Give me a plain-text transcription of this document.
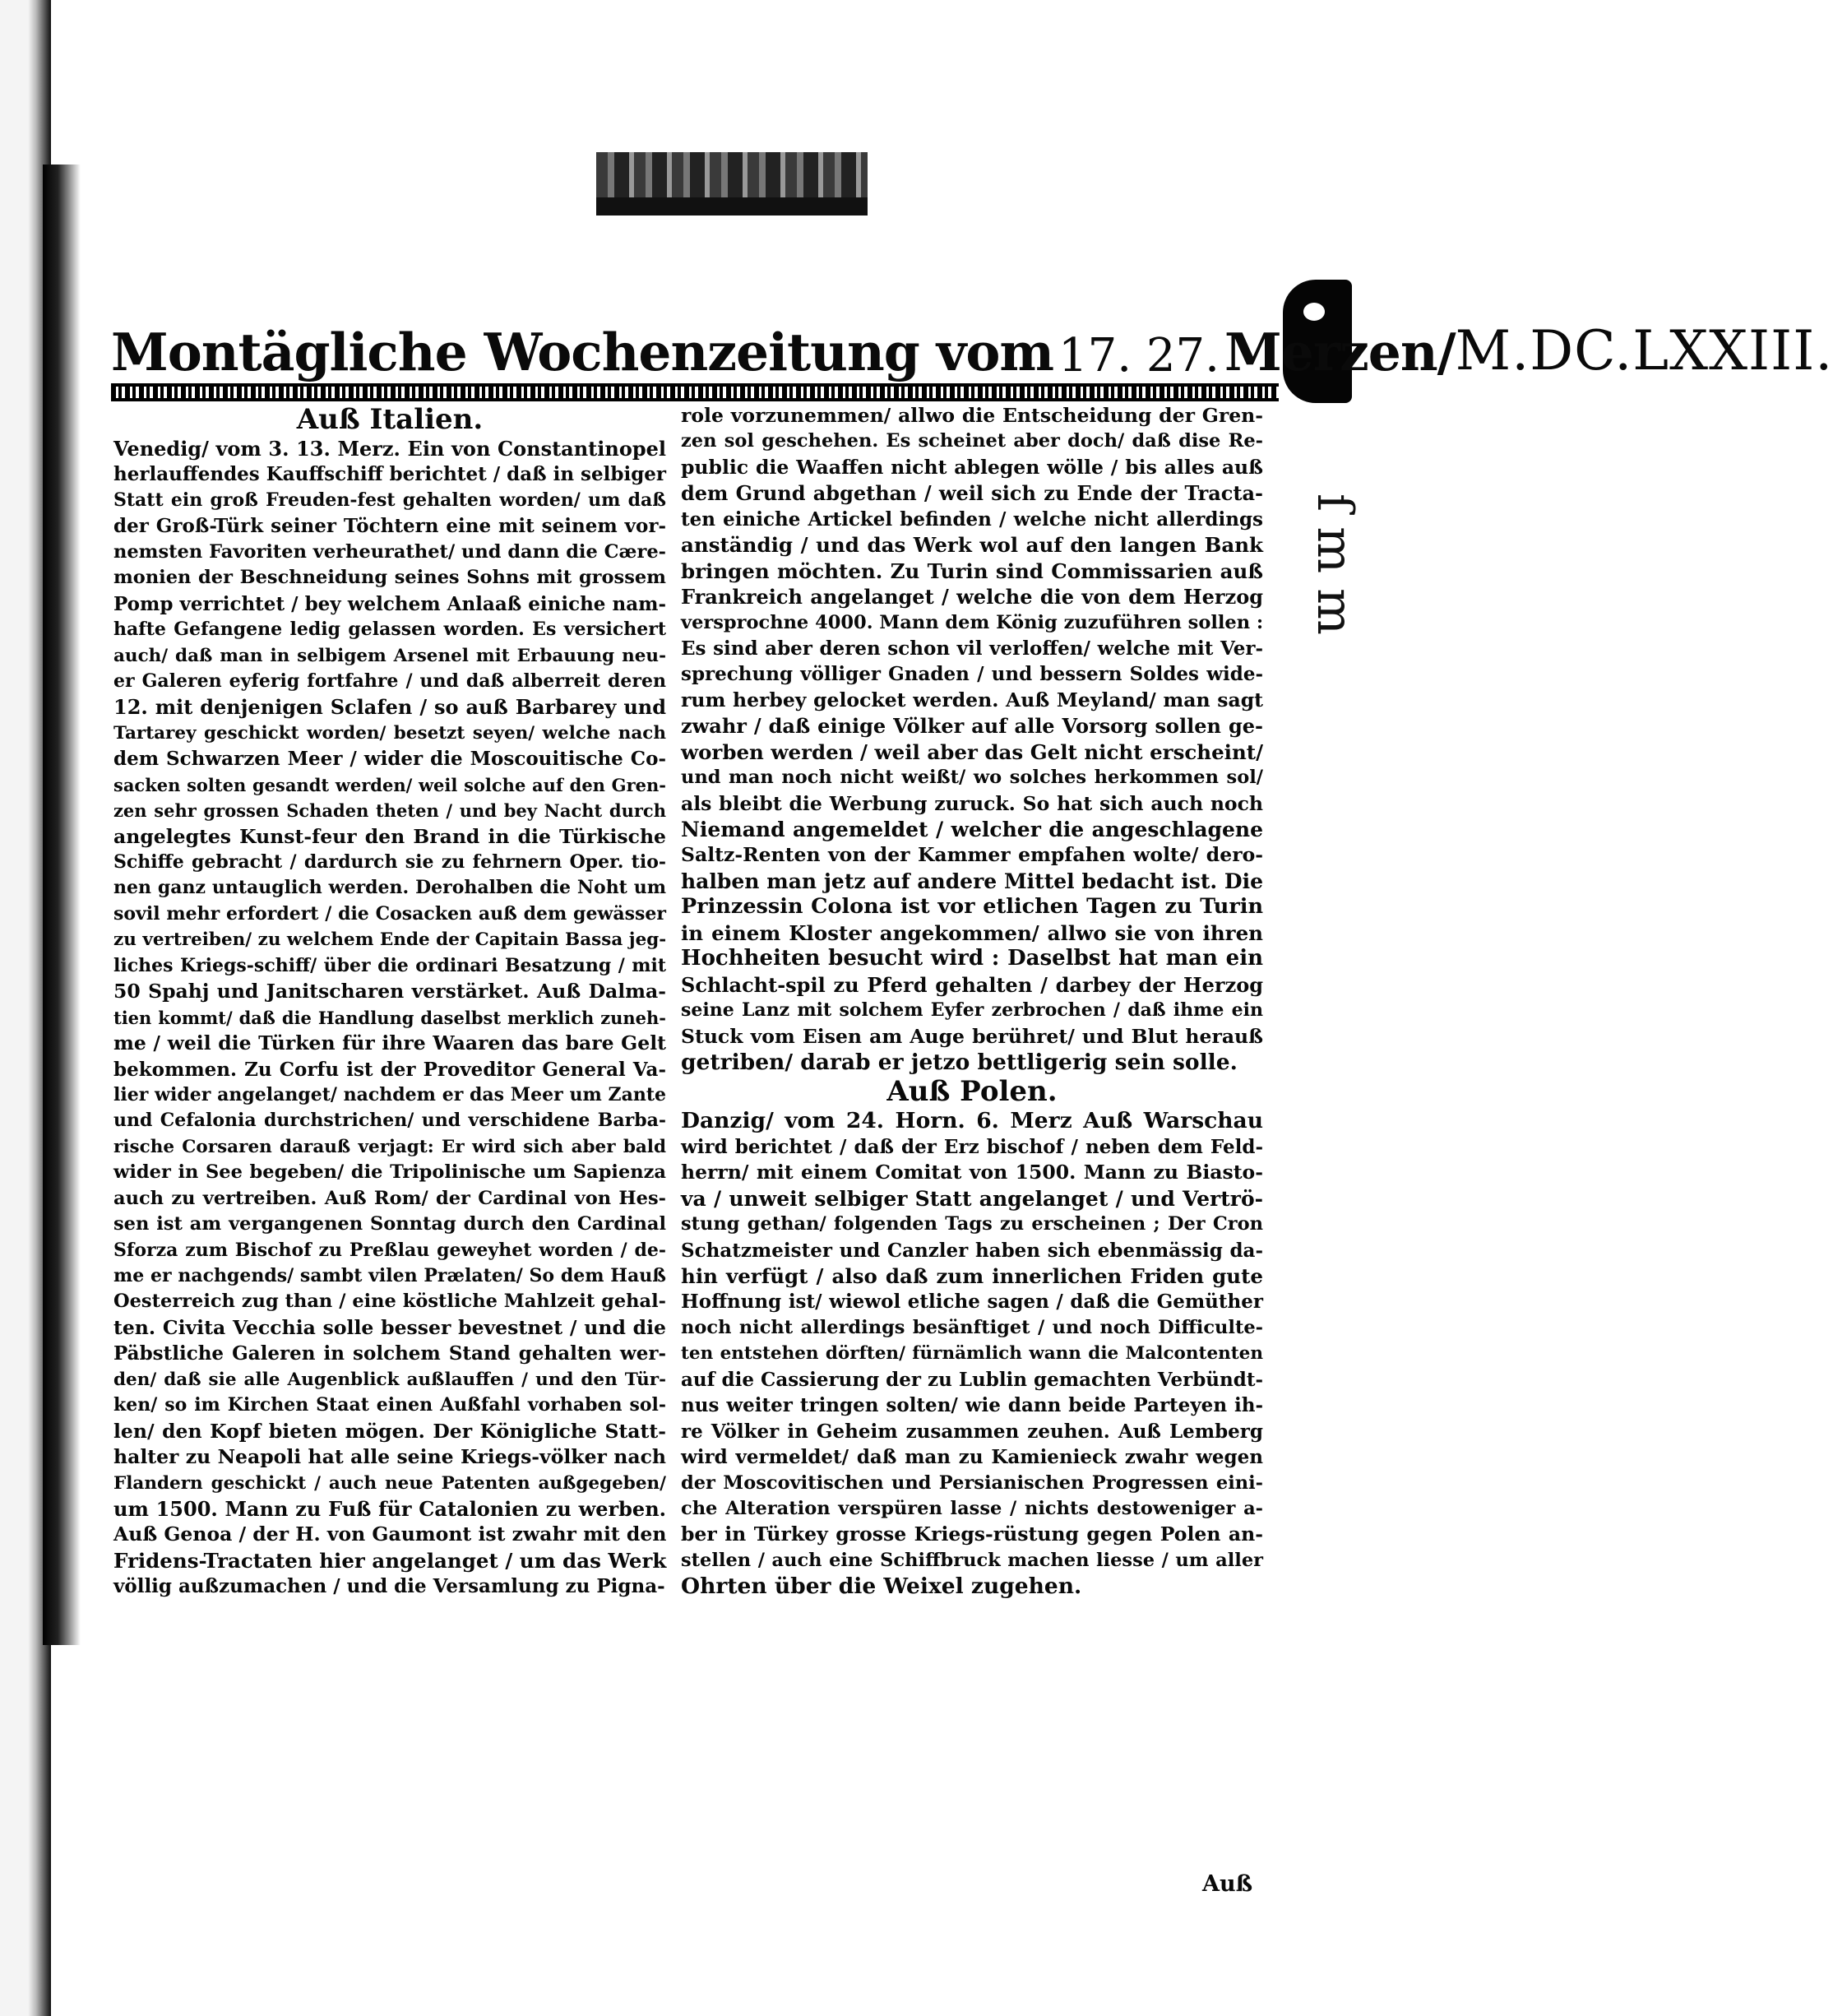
Montägliche Wochenzeitung vom 17. 27. Merzen/ M.DC.LXXIII.
Auß Italien.
Venedig/ vom 3. 13. Merz. Ein von Constantinopel
herlauffendes Kauffschiff berichtet / daß in selbiger
Statt ein groß Freuden-fest gehalten worden/ um daß
der Groß-Türk seiner Töchtern eine mit seinem vor-
nemsten Favoriten verheurathet/ und dann die Cære-
monien der Beschneidung seines Sohns mit grossem
Pomp verrichtet / bey welchem Anlaaß einiche nam-
hafte Gefangene ledig gelassen worden. Es versichert
auch/ daß man in selbigem Arsenel mit Erbauung neu-
er Galeren eyferig fortfahre / und daß alberreit deren
12. mit denjenigen Sclafen / so auß Barbarey und
Tartarey geschickt worden/ besetzt seyen/ welche nach
dem Schwarzen Meer / wider die Moscouitische Co-
sacken solten gesandt werden/ weil solche auf den Gren-
zen sehr grossen Schaden theten / und bey Nacht durch
angelegtes Kunst-feur den Brand in die Türkische
Schiffe gebracht / dardurch sie zu fehrnern Oper. tio-
nen ganz untauglich werden. Derohalben die Noht um
sovil mehr erfordert / die Cosacken auß dem gewässer
zu vertreiben/ zu welchem Ende der Capitain Bassa jeg-
liches Kriegs-schiff/ über die ordinari Besatzung / mit
50 Spahj und Janitscharen verstärket. Auß Dalma-
tien kommt/ daß die Handlung daselbst merklich zuneh-
me / weil die Türken für ihre Waaren das bare Gelt
bekommen. Zu Corfu ist der Proveditor General Va-
lier wider angelanget/ nachdem er das Meer um Zante
und Cefalonia durchstrichen/ und verschidene Barba-
rische Corsaren darauß verjagt: Er wird sich aber bald
wider in See begeben/ die Tripolinische um Sapienza
auch zu vertreiben. Auß Rom/ der Cardinal von Hes-
sen ist am vergangenen Sonntag durch den Cardinal
Sforza zum Bischof zu Preßlau geweyhet worden / de-
me er nachgends/ sambt vilen Prælaten/ So dem Hauß
Oesterreich zug than / eine köstliche Mahlzeit gehal-
ten. Civita Vecchia solle besser bevestnet / und die
Päbstliche Galeren in solchem Stand gehalten wer-
den/ daß sie alle Augenblick außlauffen / und den Tür-
ken/ so im Kirchen Staat einen Außfahl vorhaben sol-
len/ den Kopf bieten mögen. Der Königliche Statt-
halter zu Neapoli hat alle seine Kriegs-völker nach
Flandern geschickt / auch neue Patenten außgegeben/
um 1500. Mann zu Fuß für Catalonien zu werben.
Auß Genoa / der H. von Gaumont ist zwahr mit den
Fridens-Tractaten hier angelanget / um das Werk
völlig außzumachen / und die Versamlung zu Pigna-
role vorzunemmen/ allwo die Entscheidung der Gren-
zen sol geschehen. Es scheinet aber doch/ daß dise Re-
public die Waaffen nicht ablegen wölle / bis alles auß
dem Grund abgethan / weil sich zu Ende der Tracta-
ten einiche Artickel befinden / welche nicht allerdings
anständig / und das Werk wol auf den langen Bank
bringen möchten. Zu Turin sind Commissarien auß
Frankreich angelanget / welche die von dem Herzog
versprochne 4000. Mann dem König zuzuführen sollen :
Es sind aber deren schon vil verloffen/ welche mit Ver-
sprechung völliger Gnaden / und bessern Soldes wide-
rum herbey gelocket werden. Auß Meyland/ man sagt
zwahr / daß einige Völker auf alle Vorsorg sollen ge-
worben werden / weil aber das Gelt nicht erscheint/
und man noch nicht weißt/ wo solches herkommen sol/
als bleibt die Werbung zuruck. So hat sich auch noch
Niemand angemeldet / welcher die angeschlagene
Saltz-Renten von der Kammer empfahen wolte/ dero-
halben man jetz auf andere Mittel bedacht ist. Die
Prinzessin Colona ist vor etlichen Tagen zu Turin
in einem Kloster angekommen/ allwo sie von ihren
Hochheiten besucht wird : Daselbst hat man ein
Schlacht-spil zu Pferd gehalten / darbey der Herzog
seine Lanz mit solchem Eyfer zerbrochen / daß ihme ein
Stuck vom Eisen am Auge berühret/ und Blut herauß
getriben/ darab er jetzo bettligerig sein solle.
Auß Polen.
Danzig/ vom 24. Horn. 6. Merz Auß Warschau
wird berichtet / daß der Erz bischof / neben dem Feld-
herrn/ mit einem Comitat von 1500. Mann zu Biasto-
va / unweit selbiger Statt angelanget / und Vertrö-
stung gethan/ folgenden Tags zu erscheinen ; Der Cron
Schatzmeister und Canzler haben sich ebenmässig da-
hin verfügt / also daß zum innerlichen Friden gute
Hoffnung ist/ wiewol etliche sagen / daß die Gemüther
noch nicht allerdings besänftiget / und noch Difficulte-
ten entstehen dörften/ fürnämlich wann die Malcontenten
auf die Cassierung der zu Lublin gemachten Verbündt-
nus weiter tringen solten/ wie dann beide Parteyen ih-
re Völker in Geheim zusammen zeuhen. Auß Lemberg
wird vermeldet/ daß man zu Kamienieck zwahr wegen
der Moscovitischen und Persianischen Progressen eini-
che Alteration verspüren lasse / nichts destoweniger a-
ber in Türkey grosse Kriegs-rüstung gegen Polen an-
stellen / auch eine Schiffbruck machen liesse / um aller
Ohrten über die Weixel zugehen.
Auß
ſmm
